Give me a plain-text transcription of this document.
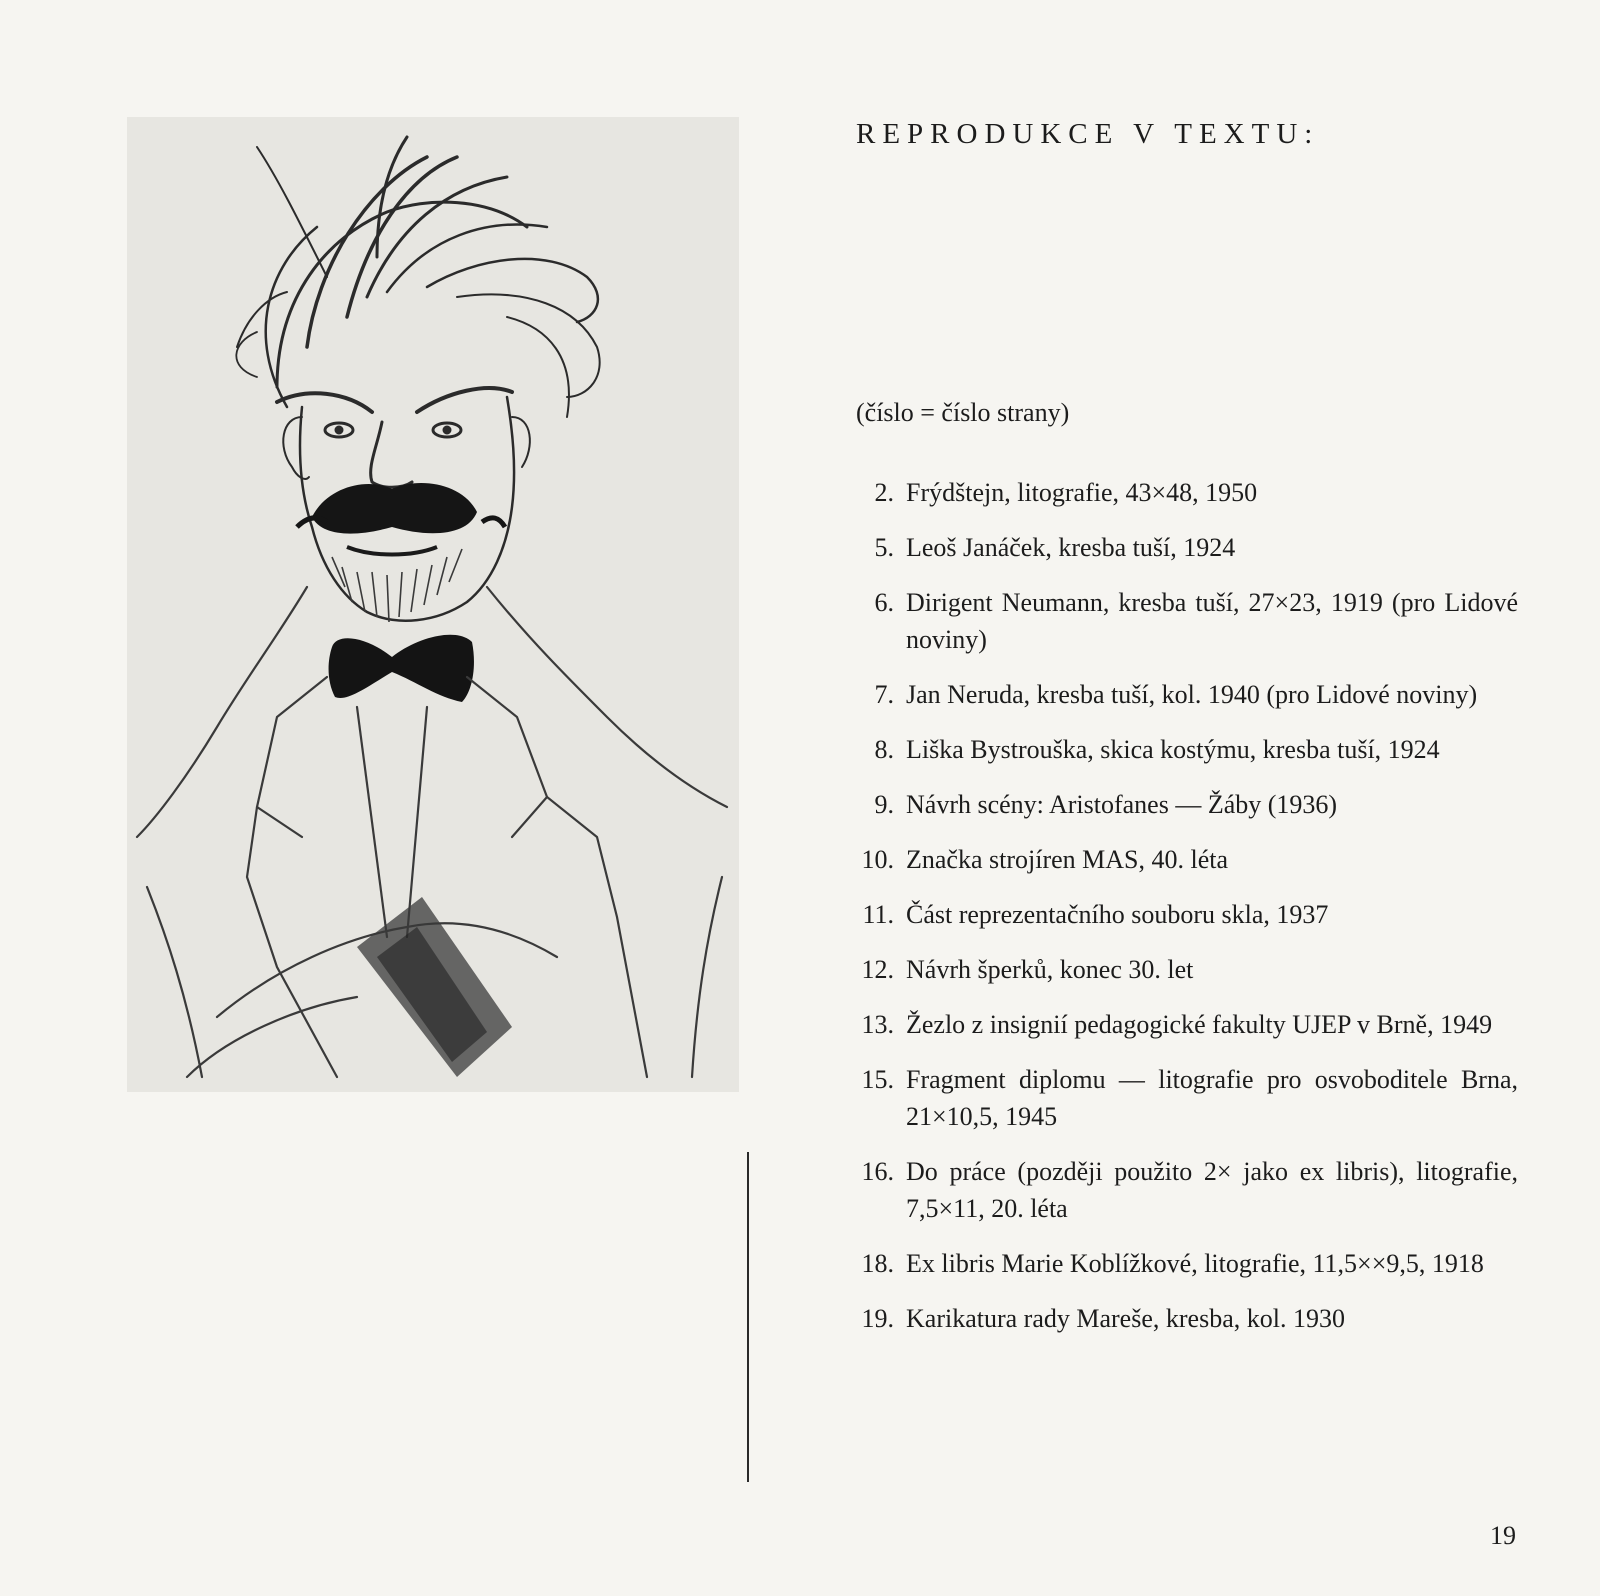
REPRODUKCE V TEXTU:
(číslo = číslo strany)
2. Frýdštejn, litografie, 43×48, 1950
5. Leoš Janáček, kresba tuší, 1924
6. Dirigent Neumann, kresba tuší, 27×23, 1919 (pro Lidové noviny)
7. Jan Neruda, kresba tuší, kol. 1940 (pro Lidové noviny)
8. Liška Bystrouška, skica kostýmu, kresba tuší, 1924
9. Návrh scény: Aristofanes — Žáby (1936)
10. Značka strojíren MAS, 40. léta
11. Část reprezentačního souboru skla, 1937
12. Návrh šperků, konec 30. let
13. Žezlo z insignií pedagogické fakulty UJEP v Brně, 1949
15. Fragment diplomu — litografie pro osvoboditele Brna, 21×10,5, 1945
16. Do práce (později použito 2× jako ex libris), litografie, 7,5×11, 20. léta
18. Ex libris Marie Koblížkové, litografie, 11,5××9,5, 1918
19. Karikatura rady Mareše, kresba, kol. 1930
19
